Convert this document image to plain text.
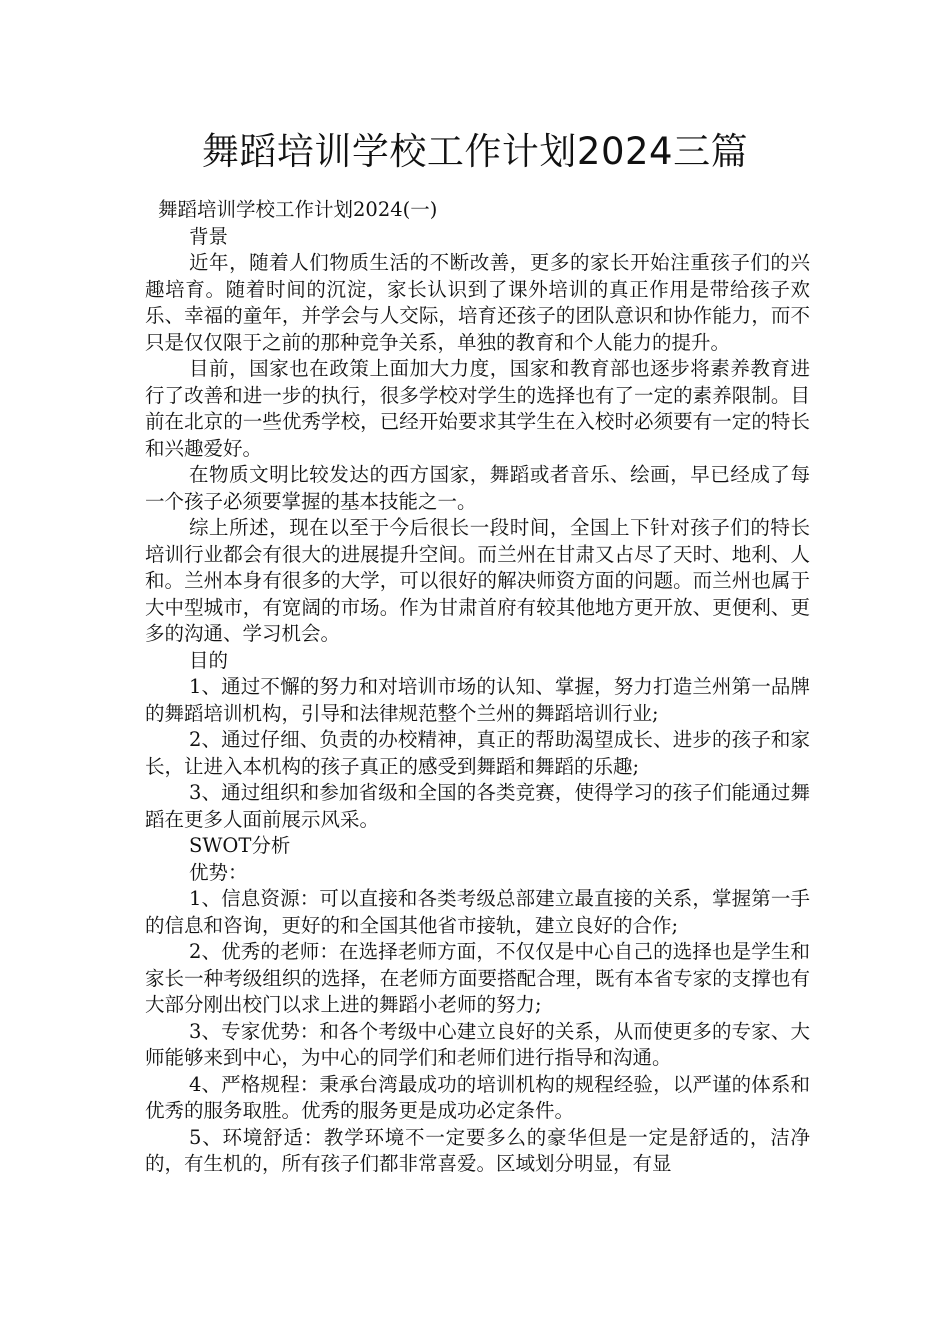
舞蹈培训学校工作计划2024三篇

舞蹈培训学校工作计划2024(一)

背景

近年，随着人们物质生活的不断改善，更多的家长开始注重孩子们的兴趣培育。随着时间的沉淀，家长认识到了课外培训的真正作用是带给孩子欢乐、幸福的童年，并学会与人交际，培育还孩子的团队意识和协作能力，而不只是仅仅限于之前的那种竞争关系，单独的教育和个人能力的提升。

目前，国家也在政策上面加大力度，国家和教育部也逐步将素养教育进行了改善和进一步的执行，很多学校对学生的选择也有了一定的素养限制。目前在北京的一些优秀学校，已经开始要求其学生在入校时必须要有一定的特长和兴趣爱好。

在物质文明比较发达的西方国家，舞蹈或者音乐、绘画，早已经成了每一个孩子必须要掌握的基本技能之一。

综上所述，现在以至于今后很长一段时间，全国上下针对孩子们的特长培训行业都会有很大的进展提升空间。而兰州在甘肃又占尽了天时、地利、人和。兰州本身有很多的大学，可以很好的解决师资方面的问题。而兰州也属于大中型城市，有宽阔的市场。作为甘肃首府有较其他地方更开放、更便利、更多的沟通、学习机会。

目的

1、通过不懈的努力和对培训市场的认知、掌握，努力打造兰州第一品牌的舞蹈培训机构，引导和法律规范整个兰州的舞蹈培训行业;

2、通过仔细、负责的办校精神，真正的帮助渴望成长、进步的孩子和家长，让进入本机构的孩子真正的感受到舞蹈和舞蹈的乐趣;

3、通过组织和参加省级和全国的各类竞赛，使得学习的孩子们能通过舞蹈在更多人面前展示风采。

SWOT分析

优势：

1、信息资源：可以直接和各类考级总部建立最直接的关系，掌握第一手的信息和咨询，更好的和全国其他省市接轨，建立良好的合作;

2、优秀的老师：在选择老师方面，不仅仅是中心自己的选择也是学生和家长一种考级组织的选择，在老师方面要搭配合理，既有本省专家的支撑也有大部分刚出校门以求上进的舞蹈小老师的努力;

3、专家优势：和各个考级中心建立良好的关系，从而使更多的专家、大师能够来到中心，为中心的同学们和老师们进行指导和沟通。

4、严格规程：秉承台湾最成功的培训机构的规程经验，以严谨的体系和优秀的服务取胜。优秀的服务更是成功必定条件。

5、环境舒适：教学环境不一定要多么的豪华但是一定是舒适的，洁净的，有生机的，所有孩子们都非常喜爱。区域划分明显，有显
